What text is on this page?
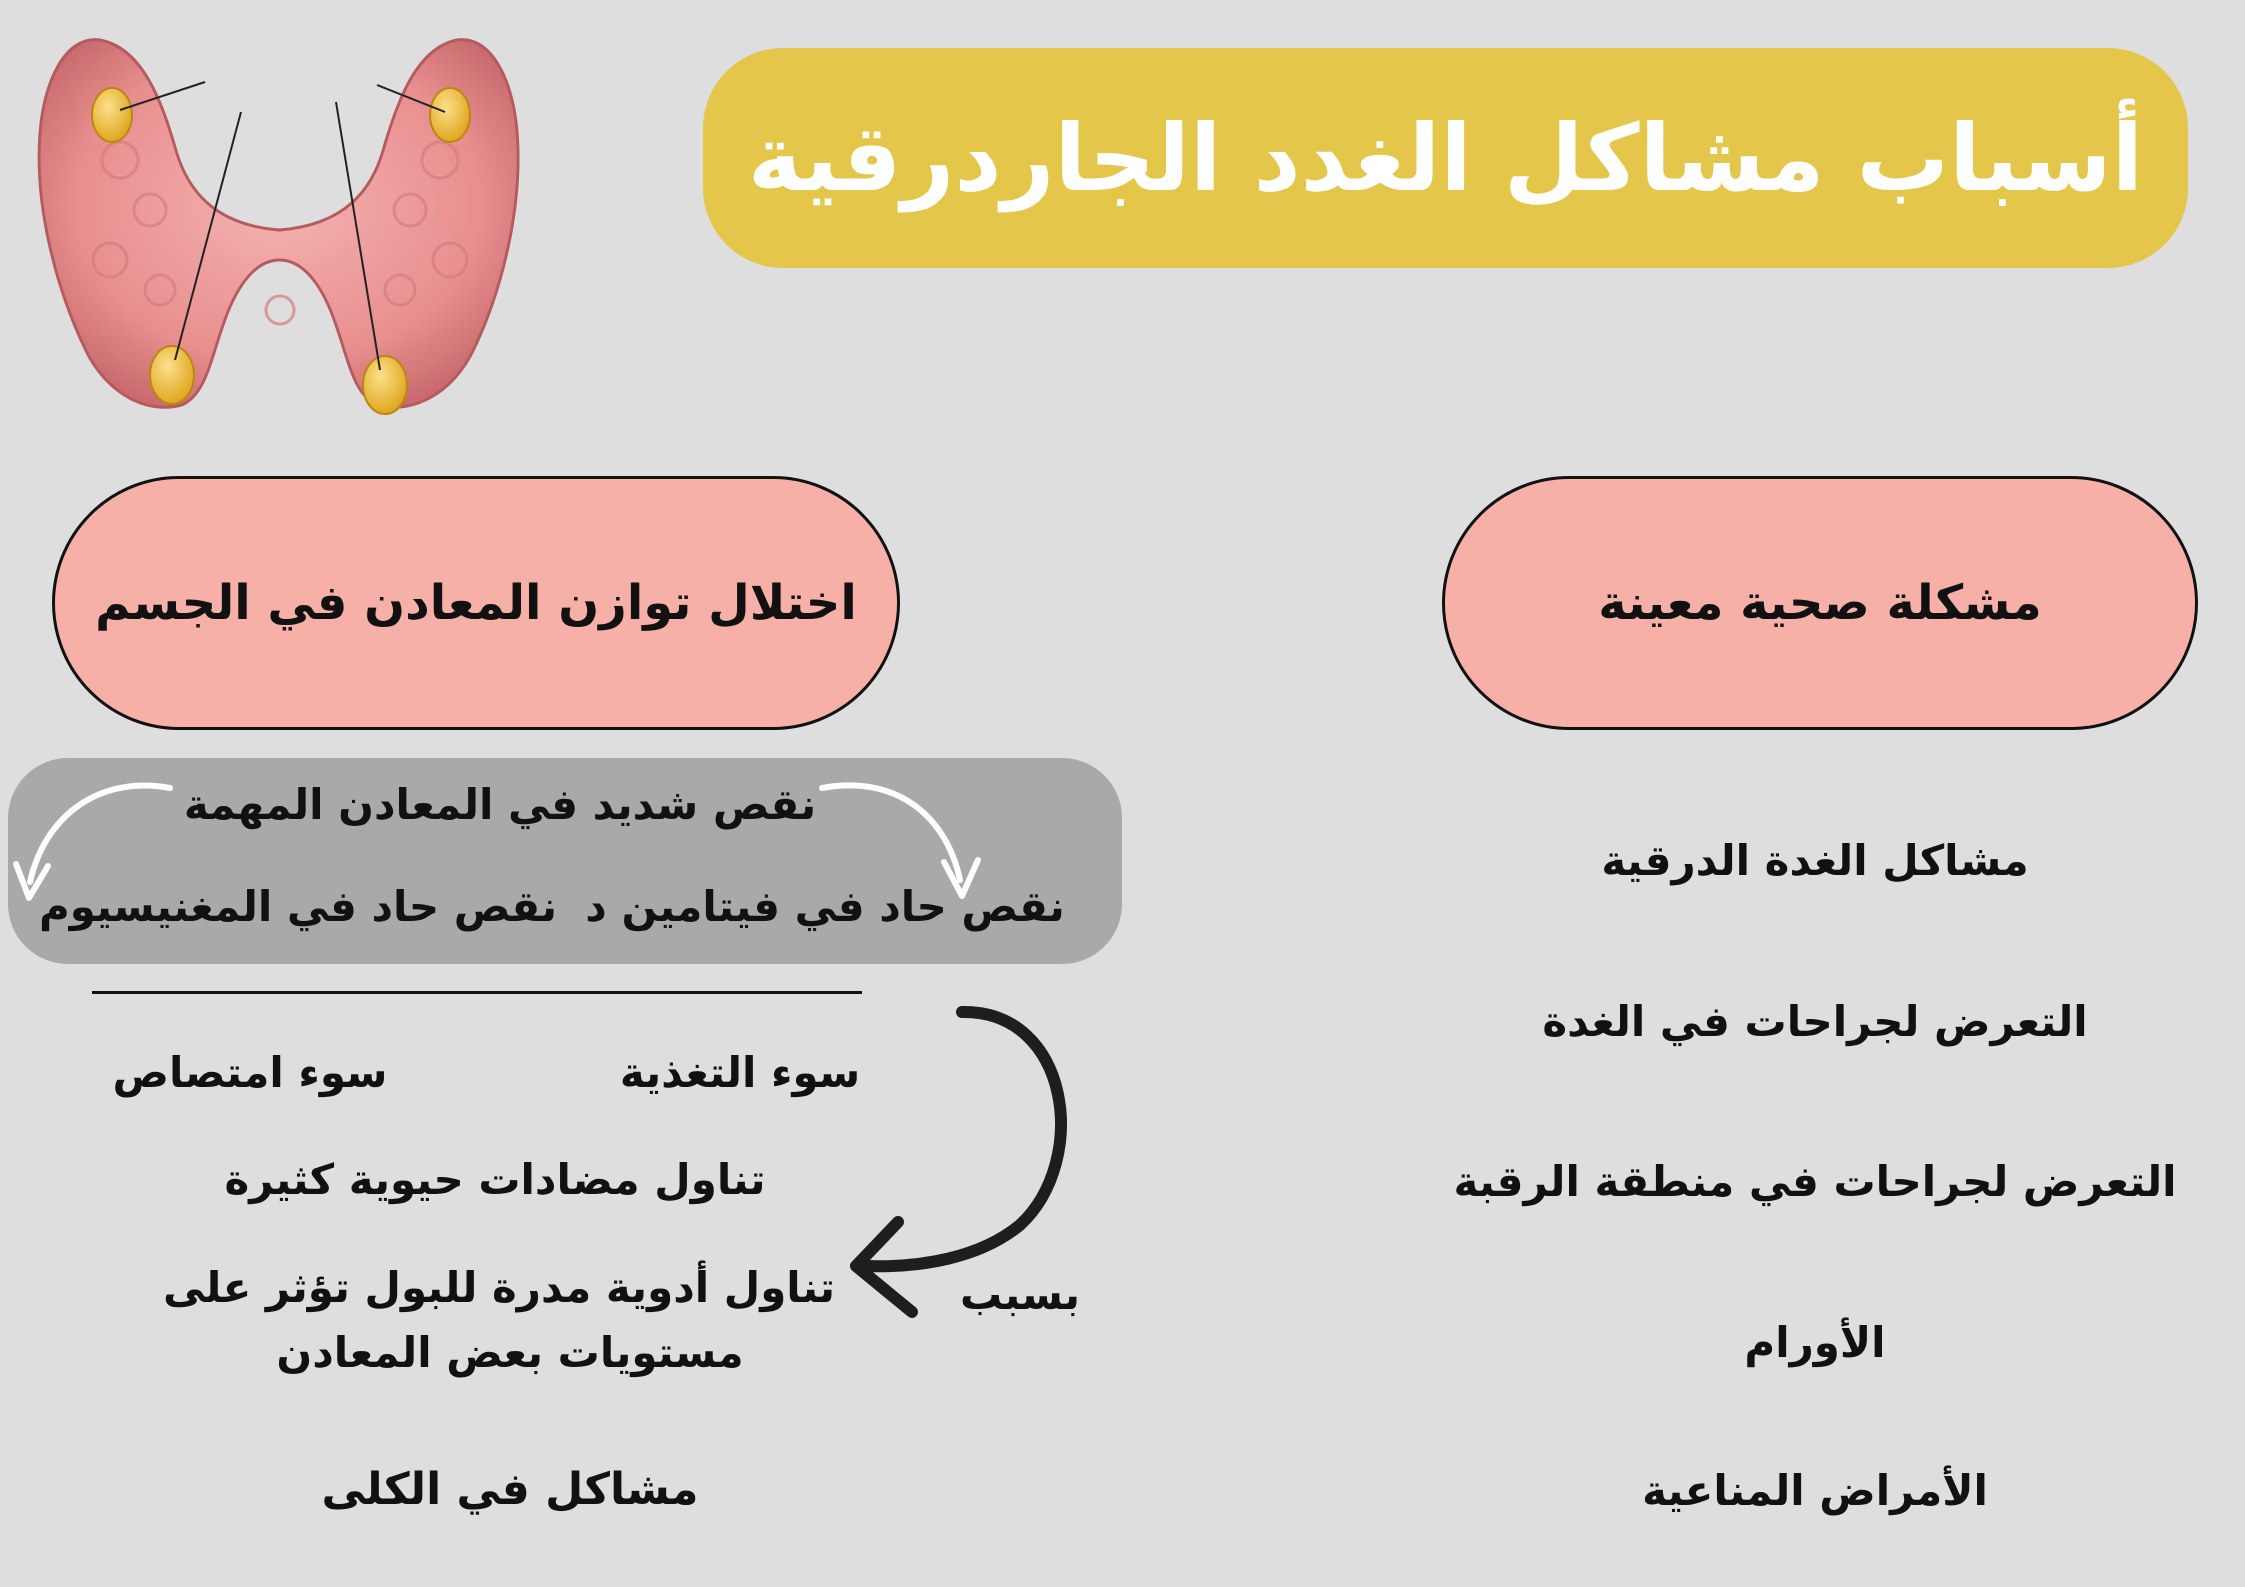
أسباب مشاكل الغدد الجاردرقية
اختلال توازن المعادن في الجسم	مشكلة صحية معينة
نقص شديد في المعادن المهمة
نقص حاد في فيتامين د
نقص حاد في المغنيسيوم
سوء التغذية
سوء امتصاص
تناول مضادات حيوية كثيرة
تناول أدوية مدرة للبول تؤثر على
مستويات بعض المعادن
بسبب
مشاكل في الكلى
مشاكل الغدة الدرقية
التعرض لجراحات في الغدة
التعرض لجراحات في منطقة الرقبة
الأورام
الأمراض المناعية
